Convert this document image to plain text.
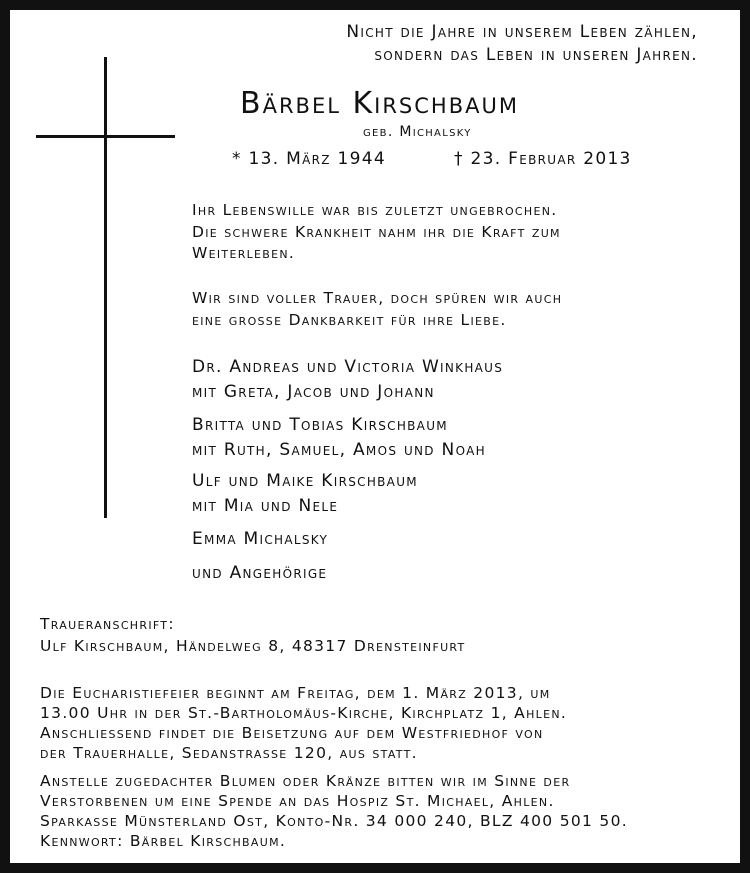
Nicht die Jahre in unserem Leben zählen,
sondern das Leben in unseren Jahren.
Bärbel Kirschbaum
geb. Michalsky
* 13. März 1944	† 23. Februar 2013
Ihr Lebenswille war bis zuletzt ungebrochen.
Die schwere Krankheit nahm ihr die Kraft zum
Weiterleben.
Wir sind voller Trauer, doch spüren wir auch
eine grosse Dankbarkeit für ihre Liebe.
Dr. Andreas und Victoria Winkhaus
mit Greta, Jacob und Johann
Britta und Tobias Kirschbaum
mit Ruth, Samuel, Amos und Noah
Ulf und Maike Kirschbaum
mit Mia und Nele
Emma Michalsky
und Angehörige
Traueranschrift:
Ulf Kirschbaum, Händelweg 8, 48317 Drensteinfurt
Die Eucharistiefeier beginnt am Freitag, dem 1. März 2013, um
13.00 Uhr in der St.-Bartholomäus-Kirche, Kirchplatz 1, Ahlen.
Anschliessend findet die Beisetzung auf dem Westfriedhof von
der Trauerhalle, Sedanstrasse 120, aus statt.
Anstelle zugedachter Blumen oder Kränze bitten wir im Sinne der
Verstorbenen um eine Spende an das Hospiz St. Michael, Ahlen.
Sparkasse Münsterland Ost, Konto-Nr. 34 000 240, BLZ 400 501 50.
Kennwort: Bärbel Kirschbaum.
